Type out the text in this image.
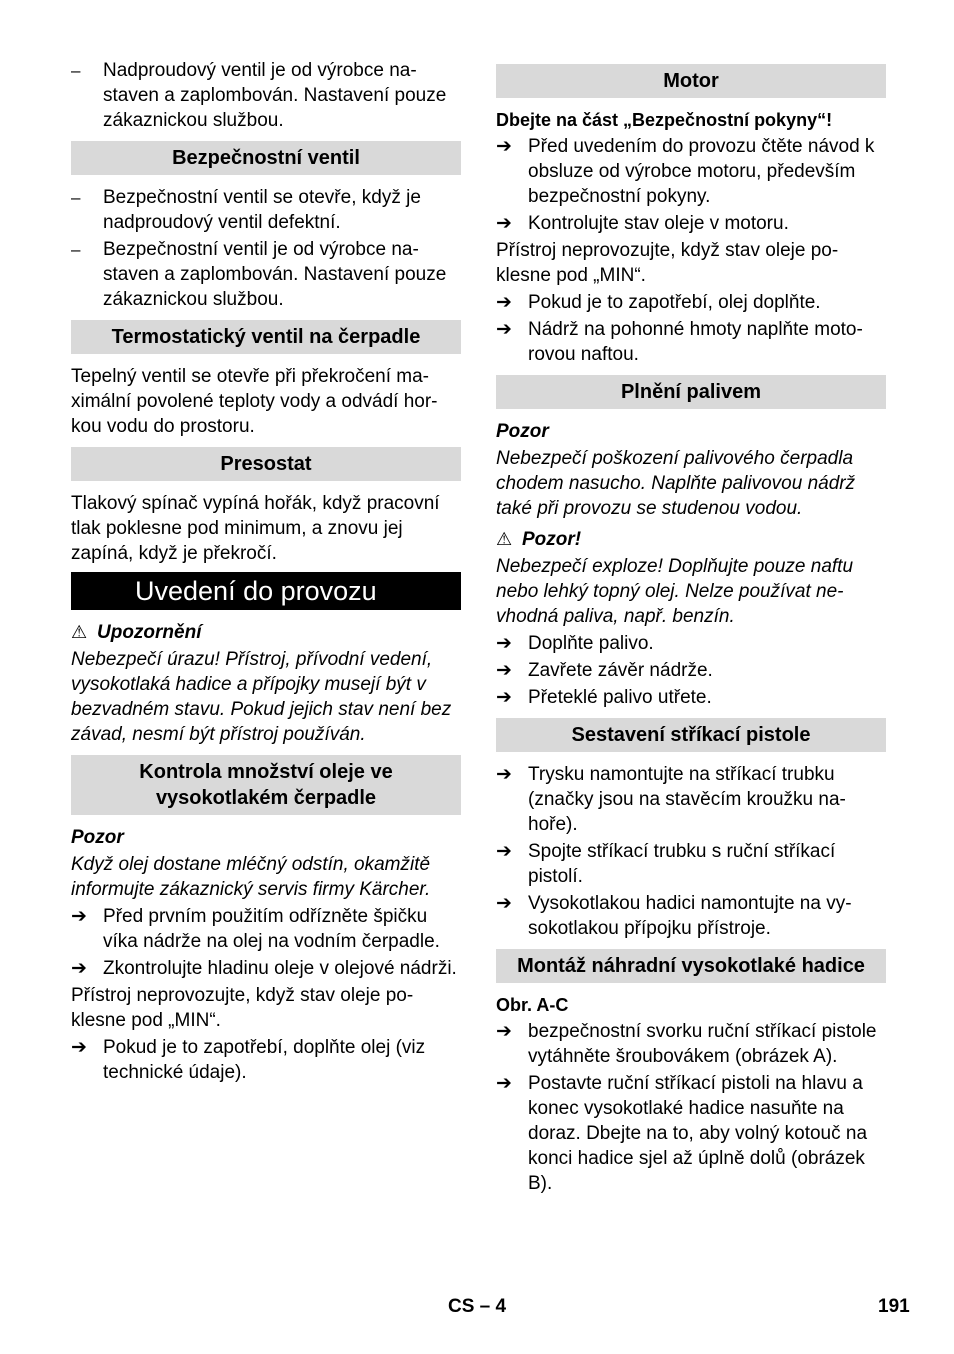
–	Nadproudový ventil je od výrobce nastaven a zaplombován. Nastavení pouze zákaznickou službou.
Bezpečnostní ventil
–	Bezpečnostní ventil se otevře, když je nadproudový ventil defektní.
–	Bezpečnostní ventil je od výrobce nastaven a zaplombován. Nastavení pouze zákaznickou službou.
Termostatický ventil na čerpadle
Tepelný ventil se otevře při překročení maximální povolené teploty vody a odvádí horkou vodu do prostoru.
Presostat
Tlakový spínač vypíná hořák, když pracovní tlak poklesne pod minimum, a znovu jej zapíná, když je překročí.
Uvedení do provozu
⚠ Upozornění
Nebezpečí úrazu! Přístroj, přívodní vedení, vysokotlaká hadice a přípojky musejí být v bezvadném stavu. Pokud jejich stav není bez závad, nesmí být přístroj používán.
Kontrola množství oleje ve vysokotlakém čerpadle
Pozor
Když olej dostane mléčný odstín, okamžitě informujte zákaznický servis firmy Kärcher.
➔ Před prvním použitím odřízněte špičku víka nádrže na olej na vodním čerpadle.
➔ Zkontrolujte hladinu oleje v olejové nádrži.
Přístroj neprovozujte, když stav oleje poklesne pod „MIN“.
➔ Pokud je to zapotřebí, doplňte olej (viz technické údaje).
Motor
Dbejte na část „Bezpečnostní pokyny“!
➔ Před uvedením do provozu čtěte návod k obsluze od výrobce motoru, především bezpečnostní pokyny.
➔ Kontrolujte stav oleje v motoru.
Přístroj neprovozujte, když stav oleje poklesne pod „MIN“.
➔ Pokud je to zapotřebí, olej doplňte.
➔ Nádrž na pohonné hmoty naplňte motorovou naftou.
Plnění palivem
Pozor
Nebezpečí poškození palivového čerpadla chodem nasucho. Naplňte palivovou nádrž také při provozu se studenou vodou.
⚠ Pozor!
Nebezpečí exploze! Doplňujte pouze naftu nebo lehký topný olej. Nelze používat nevhodná paliva, např. benzín.
➔ Doplňte palivo.
➔ Zavřete závěr nádrže.
➔ Přeteklé palivo utřete.
Sestavení stříkací pistole
➔ Trysku namontujte na stříkací trubku (značky jsou na stavěcím kroužku nahoře).
➔ Spojte stříkací trubku s ruční stříkací pistolí.
➔ Vysokotlakou hadici namontujte na vysokotlakou přípojku přístroje.
Montáž náhradní vysokotlaké hadice
Obr. A-C
➔ bezpečnostní svorku ruční stříkací pistole vytáhněte šroubovákem (obrázek A).
➔ Postavte ruční stříkací pistoli na hlavu a konec vysokotlaké hadice nasuňte na doraz. Dbejte na to, aby volný kotouč na konci hadice sjel až úplně dolů (obrázek B).
CS – 4	191
